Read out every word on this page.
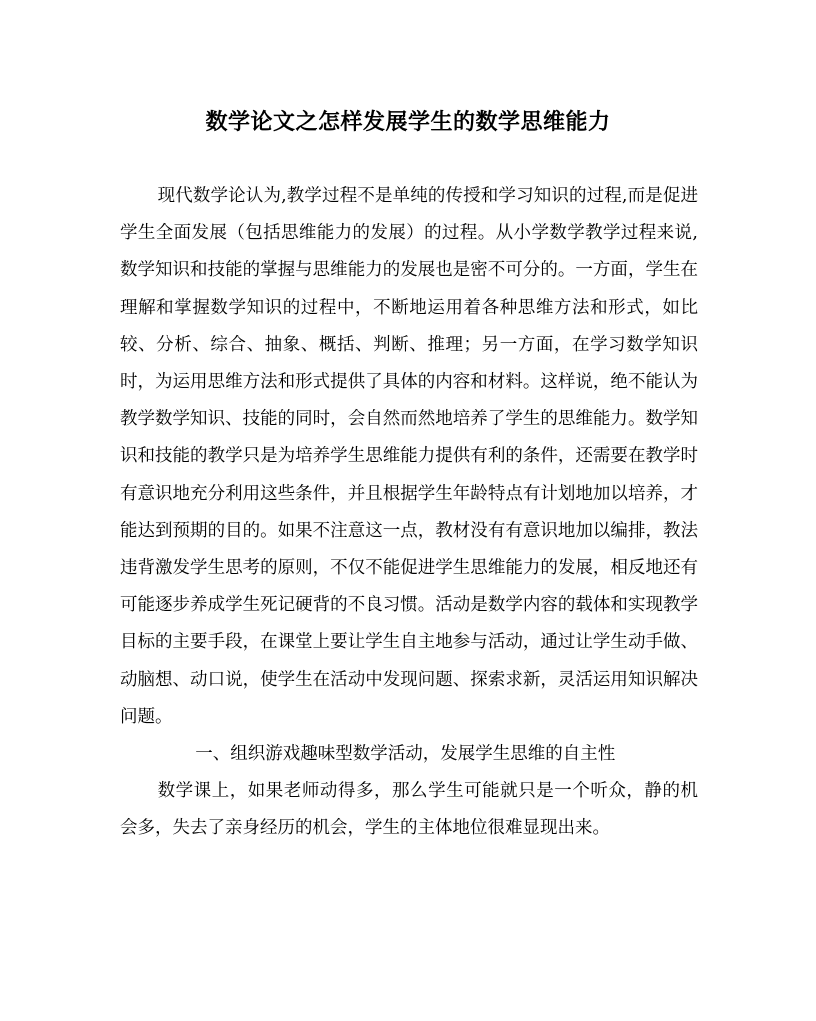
数学论文之怎样发展学生的数学思维能力

现代数学论认为,教学过程不是单纯的传授和学习知识的过程,而是促进学生全面发展（包括思维能力的发展）的过程。从小学数学教学过程来说,数学知识和技能的掌握与思维能力的发展也是密不可分的。一方面，学生在理解和掌握数学知识的过程中，不断地运用着各种思维方法和形式，如比较、分析、综合、抽象、概括、判断、推理；另一方面，在学习数学知识时，为运用思维方法和形式提供了具体的内容和材料。这样说，绝不能认为教学数学知识、技能的同时，会自然而然地培养了学生的思维能力。数学知识和技能的教学只是为培养学生思维能力提供有利的条件，还需要在教学时有意识地充分利用这些条件，并且根据学生年龄特点有计划地加以培养，才能达到预期的目的。如果不注意这一点，教材没有有意识地加以编排，教法违背激发学生思考的原则，不仅不能促进学生思维能力的发展，相反地还有可能逐步养成学生死记硬背的不良习惯。活动是数学内容的载体和实现教学目标的主要手段，在课堂上要让学生自主地参与活动，通过让学生动手做、动脑想、动口说，使学生在活动中发现问题、探索求新，灵活运用知识解决问题。

一、组织游戏趣味型数学活动，发展学生思维的自主性

数学课上，如果老师动得多，那么学生可能就只是一个听众，静的机会多，失去了亲身经历的机会，学生的主体地位很难显现出来。
